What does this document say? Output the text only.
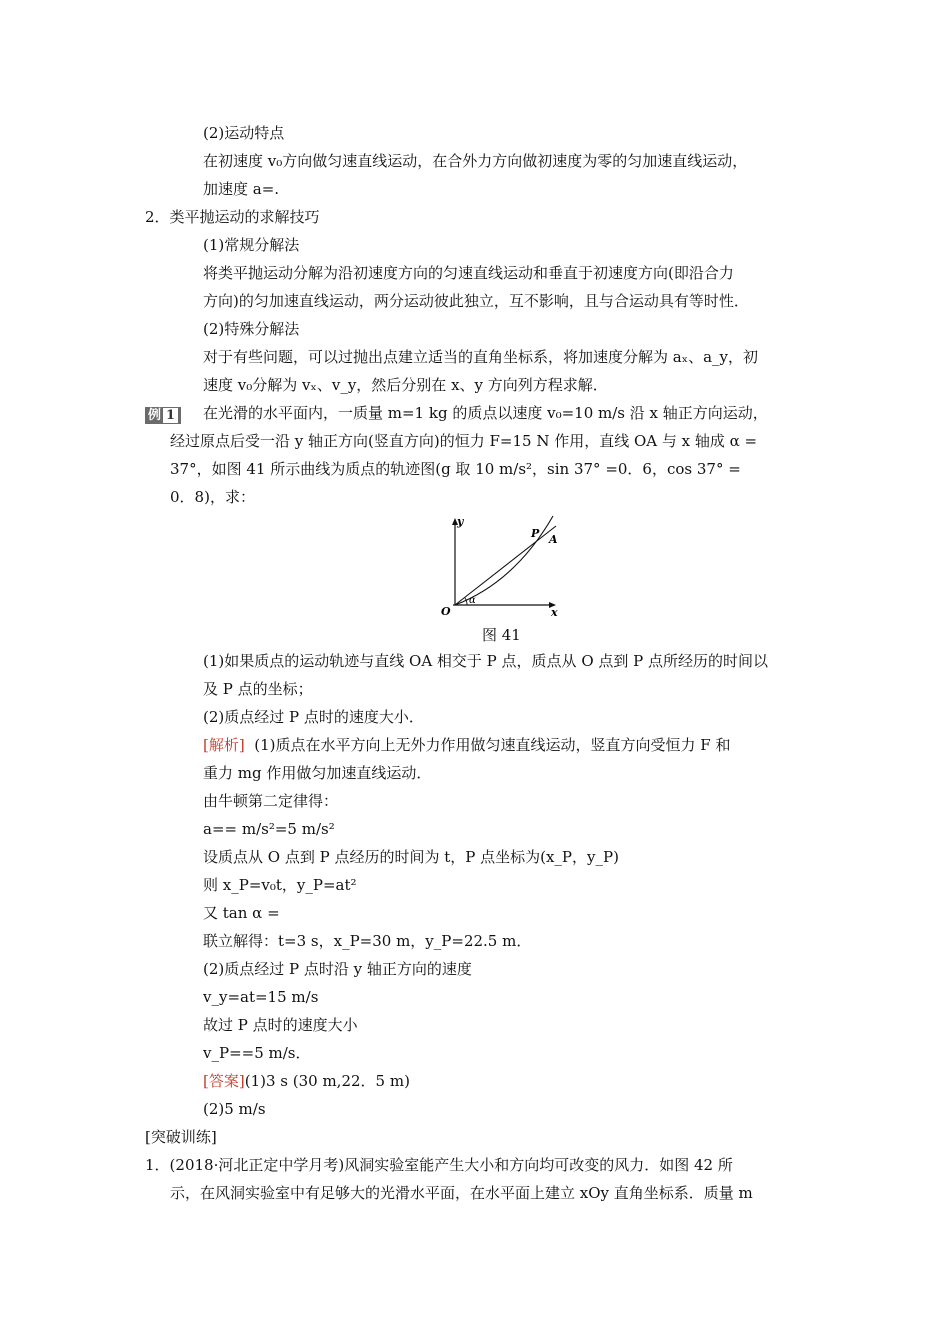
(2)运动特点
在初速度 v₀方向做匀速直线运动，在合外力方向做初速度为零的匀加速直线运动，
加速度 a=.
2．类平抛运动的求解技巧
(1)常规分解法
将类平抛运动分解为沿初速度方向的匀速直线运动和垂直于初速度方向(即沿合力
方向)的匀加速直线运动，两分运动彼此独立，互不影响，且与合运动具有等时性．
(2)特殊分解法
对于有些问题，可以过抛出点建立适当的直角坐标系，将加速度分解为 aₓ、a_y，初
速度 v₀分解为 vₓ、v_y，然后分别在 x、y 方向列方程求解．
例 1	在光滑的水平面内，一质量 m=1 kg 的质点以速度 v₀=10 m/s 沿 x 轴正方向运动，
经过原点后受一沿 y 轴正方向(竖直方向)的恒力 F=15 N 作用，直线 OA 与 x 轴成 α =
37°，如图 41 所示曲线为质点的轨迹图(g 取 10 m/s²，sin 37° =0．6，cos 37° =
0．8)，求：
y
x
O
α
P A
图 41
(1)如果质点的运动轨迹与直线 OA 相交于 P 点，质点从 O 点到 P 点所经历的时间以
及 P 点的坐标；
(2)质点经过 P 点时的速度大小．
[解析] (1)质点在水平方向上无外力作用做匀速直线运动，竖直方向受恒力 F 和
重力 mg 作用做匀加速直线运动．
由牛顿第二定律得：
a== m/s²=5 m/s²
设质点从 O 点到 P 点经历的时间为 t，P 点坐标为(x_P，y_P)
则 x_P=v₀t，y_P=at²
又 tan α =
联立解得：t=3 s，x_P=30 m，y_P=22.5 m．
(2)质点经过 P 点时沿 y 轴正方向的速度
v_y=at=15 m/s
故过 P 点时的速度大小
v_P==5 m/s．
[答案](1)3 s (30 m,22．5 m)
(2)5 m/s
[突破训练]
1．(2018·河北正定中学月考)风洞实验室能产生大小和方向均可改变的风力．如图 42 所
示，在风洞实验室中有足够大的光滑水平面，在水平面上建立 xOy 直角坐标系．质量 m
